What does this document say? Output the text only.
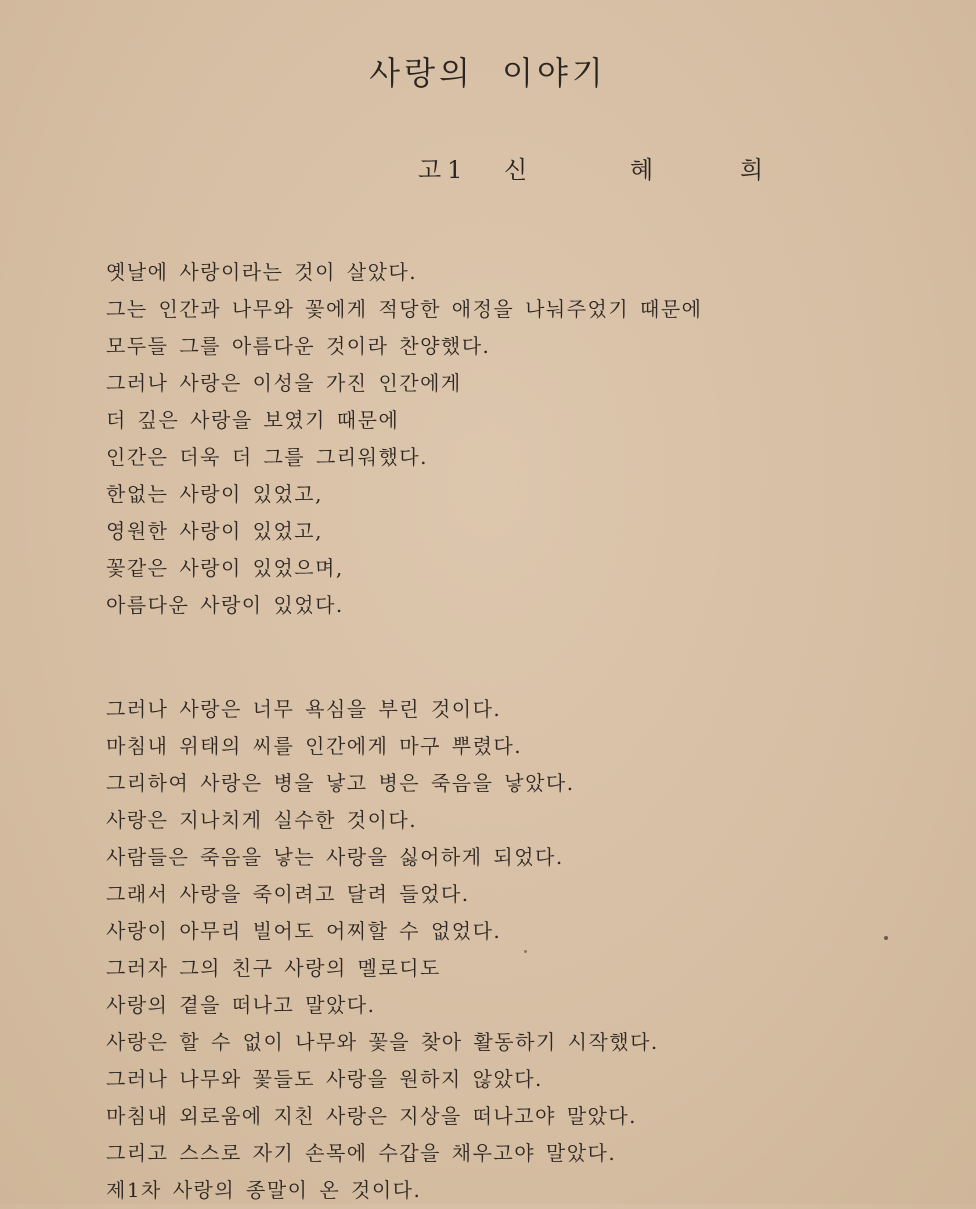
사랑의 이야기
고1 신	혜	희
옛날에 사랑이라는 것이 살았다.
그는 인간과 나무와 꽃에게 적당한 애정을 나눠주었기 때문에
모두들 그를 아름다운 것이라 찬양했다.
그러나 사랑은 이성을 가진 인간에게
더 깊은 사랑을 보였기 때문에
인간은 더욱 더 그를 그리워했다.
한없는 사랑이 있었고,
영원한 사랑이 있었고,
꽃같은 사랑이 있었으며,
아름다운 사랑이 있었다.
그러나 사랑은 너무 욕심을 부린 것이다.
마침내 위태의 씨를 인간에게 마구 뿌렸다.
그리하여 사랑은 병을 낳고 병은 죽음을 낳았다.
사랑은 지나치게 실수한 것이다.
사람들은 죽음을 낳는 사랑을 싫어하게 되었다.
그래서 사랑을 죽이려고 달려 들었다.
사랑이 아무리 빌어도 어찌할 수 없었다.
그러자 그의 친구 사랑의 멜로디도
사랑의 곁을 떠나고 말았다.
사랑은 할 수 없이 나무와 꽃을 찾아 활동하기 시작했다.
그러나 나무와 꽃들도 사랑을 원하지 않았다.
마침내 외로움에 지친 사랑은 지상을 떠나고야 말았다.
그리고 스스로 자기 손목에 수갑을 채우고야 말았다.
제1차 사랑의 종말이 온 것이다.
